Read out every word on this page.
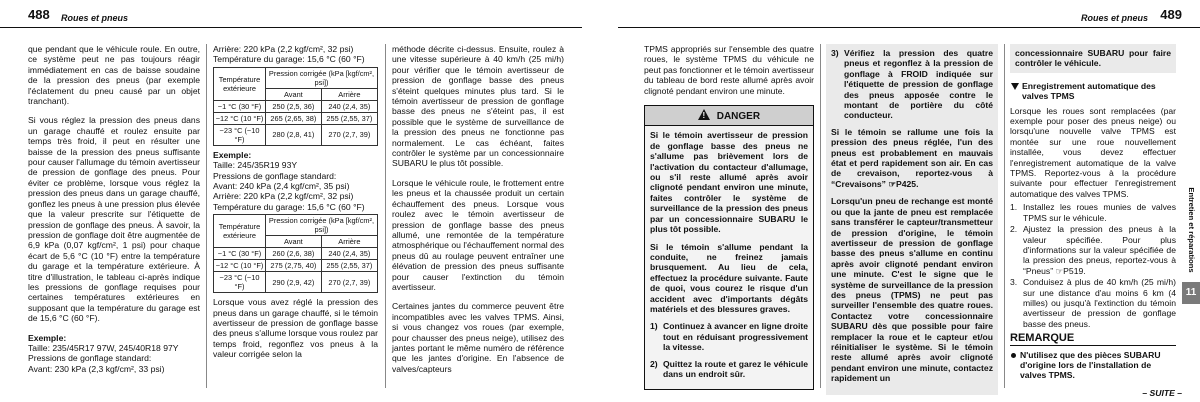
488 Roues et pneus

que pendant que le véhicule roule. En outre, ce système peut ne pas toujours réagir immédiatement en cas de baisse soudaine de la pression des pneus (par exemple l'éclatement du pneu causé par un objet tranchant).

Si vous réglez la pression des pneus dans un garage chauffé et roulez ensuite par temps très froid, il peut en résulter une baisse de la pression des pneus suffisante pour causer l'allumage du témoin avertisseur de pression de gonflage des pneus. Pour éviter ce problème, lorsque vous réglez la pression des pneus dans un garage chauffé, gonflez les pneus à une pression plus élevée que la valeur prescrite sur l'étiquette de pression de gonflage des pneus. À savoir, la pression de gonflage doit être augmentée de 6,9 kPa (0,07 kgf/cm², 1 psi) pour chaque écart de 5,6 °C (10 °F) entre la température du garage et la température extérieure. À titre d'illustration, le tableau ci-après indique les pressions de gonflage requises pour certaines températures extérieures en supposant que la température du garage est de 15,6 °C (60 °F).

Exemple:

Taille: 235/45R17 97W, 245/40R18 97Y

Pressions de gonflage standard:

Avant: 230 kPa (2,3 kgf/cm², 33 psi)

Arrière: 220 kPa (2,2 kgf/cm², 32 psi)

Température du garage: 15,6 °C (60 °F)

Température extérieure	Pression corrigée (kPa [kgf/cm², psi])	
	Avant	Arrière
−1 °C (30 °F)	250 (2,5, 36)	240 (2,4, 35)
−12 °C (10 °F)	265 (2,65, 38)	255 (2,55, 37)
−23 °C (−10 °F)	280 (2,8, 41)	270 (2,7, 39)

Exemple:

Taille: 245/35R19 93Y

Pressions de gonflage standard:

Avant: 240 kPa (2,4 kgf/cm², 35 psi)

Arrière: 220 kPa (2,2 kgf/cm², 32 psi)

Température du garage: 15,6 °C (60 °F)

Température extérieure	Pression corrigée (kPa [kgf/cm², psi])	
	Avant	Arrière
−1 °C (30 °F)	260 (2,6, 38)	240 (2,4, 35)
−12 °C (10 °F)	275 (2,75, 40)	255 (2,55, 37)
−23 °C (−10 °F)	290 (2,9, 42)	270 (2,7, 39)

Lorsque vous avez réglé la pression des pneus dans un garage chauffé, si le témoin avertisseur de pression de gonflage basse des pneus s'allume lorsque vous roulez par temps froid, regonflez vos pneus à la valeur corrigée selon la

méthode décrite ci-dessus. Ensuite, roulez à une vitesse supérieure à 40 km/h (25 mi/h) pour vérifier que le témoin avertisseur de pression de gonflage basse des pneus s'éteint quelques minutes plus tard. Si le témoin avertisseur de pression de gonflage basse des pneus ne s'éteint pas, il est possible que le système de surveillance de la pression des pneus ne fonctionne pas normalement. Le cas échéant, faites contrôler le système par un concessionnaire SUBARU le plus tôt possible.

Lorsque le véhicule roule, le frottement entre les pneus et la chaussée produit un certain échauffement des pneus. Lorsque vous roulez avec le témoin avertisseur de pression de gonflage basse des pneus allumé, une remontée de la température atmosphérique ou l'échauffement normal des pneus dû au roulage peuvent entraîner une élévation de pression des pneus suffisante pour causer l'extinction du témoin avertisseur.

Certaines jantes du commerce peuvent être incompatibles avec les valves TPMS. Ainsi, si vous changez vos roues (par exemple, pour chausser des pneus neige), utilisez des jantes portant le même numéro de référence que les jantes d'origine. En l'absence de valves/capteurs

Roues et pneus 489

TPMS appropriés sur l'ensemble des quatre roues, le système TPMS du véhicule ne peut pas fonctionner et le témoin avertisseur du tableau de bord reste allumé après avoir clignoté pendant environ une minute.

! DANGER

Si le témoin avertisseur de pression de gonflage basse des pneus ne s'allume pas brièvement lors de l'activation du contacteur d'allumage, ou s'il reste allumé après avoir clignoté pendant environ une minute, faites contrôler le système de surveillance de la pression des pneus par un concessionnaire SUBARU le plus tôt possible.

Si le témoin s'allume pendant la conduite, ne freinez jamais brusquement. Au lieu de cela, effectuez la procédure suivante. Faute de quoi, vous courez le risque d'un accident avec d'importants dégâts matériels et des blessures graves.

1) Continuez à avancer en ligne droite tout en réduisant progressivement la vitesse.
2) Quittez la route et garez le véhicule dans un endroit sûr.
3) Vérifiez la pression des quatre pneus et regonflez à la pression de gonflage à FROID indiquée sur l'étiquette de pression de gonflage des pneus apposée contre le montant de portière du côté conducteur.

Si le témoin se rallume une fois la pression des pneus réglée, l'un des pneus est probablement en mauvais état et perd rapidement son air. En cas de crevaison, reportez-vous à “Crevaisons” ☞P425.

Lorsqu'un pneu de rechange est monté ou que la jante de pneu est remplacée sans transférer le capteur/transmetteur de pression d'origine, le témoin avertisseur de pression de gonflage basse des pneus s'allume en continu après avoir clignoté pendant environ une minute. C'est le signe que le système de surveillance de la pression des pneus (TPMS) ne peut pas surveiller l'ensemble des quatre roues. Contactez votre concessionnaire SUBARU dès que possible pour faire remplacer la roue et le capteur et/ou réinitialiser le système. Si le témoin reste allumé après avoir clignoté pendant environ une minute, contactez rapidement un

concessionnaire SUBARU pour faire contrôler le véhicule.

Enregistrement automatique des valves TPMS

Lorsque les roues sont remplacées (par exemple pour poser des pneus neige) ou lorsqu'une nouvelle valve TPMS est montée sur une roue nouvellement installée, vous devez effectuer l'enregistrement automatique de la valve TPMS. Reportez-vous à la procédure suivante pour effectuer l'enregistrement automatique des valves TPMS.

1. Installez les roues munies de valves TPMS sur le véhicule.
2. Ajustez la pression des pneus à la valeur spécifiée. Pour plus d'informations sur la valeur spécifiée de la pression des pneus, reportez-vous à “Pneus” ☞P519.
3. Conduisez à plus de 40 km/h (25 mi/h) sur une distance d'au moins 6 km (4 milles) ou jusqu'à l'extinction du témoin avertisseur de pression de gonflage basse des pneus.
REMARQUE
N'utilisez que des pièces SUBARU d'origine lors de l'installation de valves TPMS.
Entretien et réparations
11
– SUITE –
